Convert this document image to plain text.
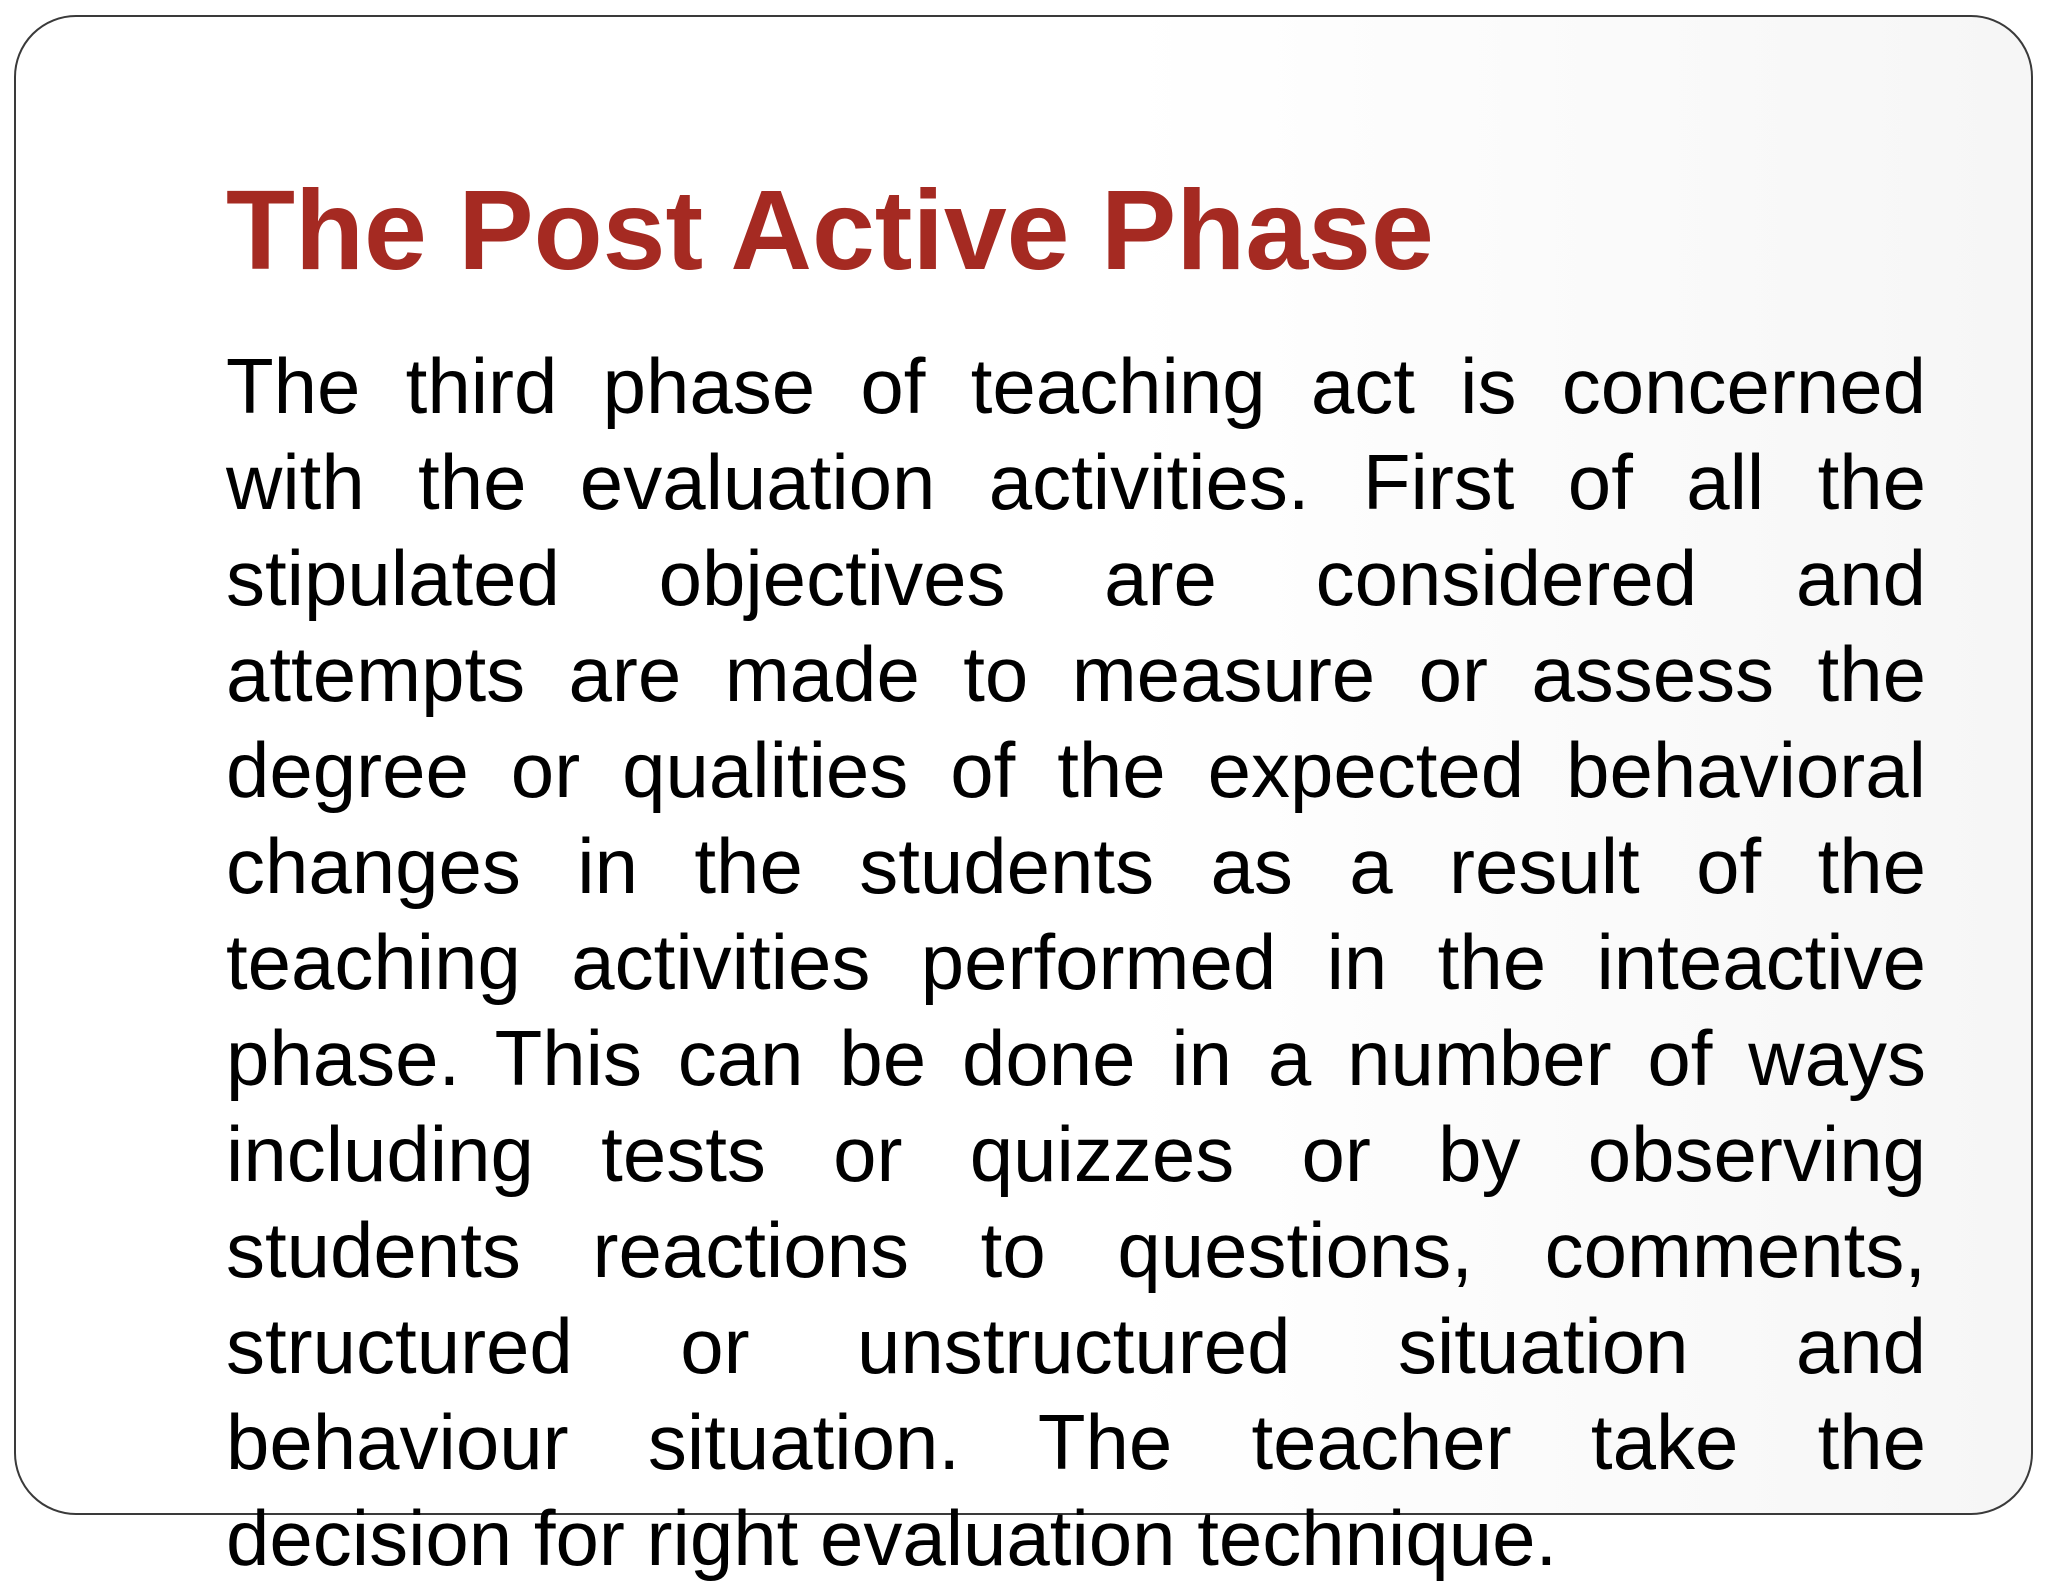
The Post Active Phase
The third phase of teaching act is concerned
with the evaluation activities. First of all the
stipulated objectives are considered and
attempts are made to measure or assess the
degree or qualities of the expected behavioral
changes in the students as a result of the
teaching activities performed in the inteactive
phase. This can be done in a number of ways
including tests or quizzes or by observing
students reactions to questions, comments,
structured or unstructured situation and
behaviour situation. The teacher take the
decision for right evaluation technique.
